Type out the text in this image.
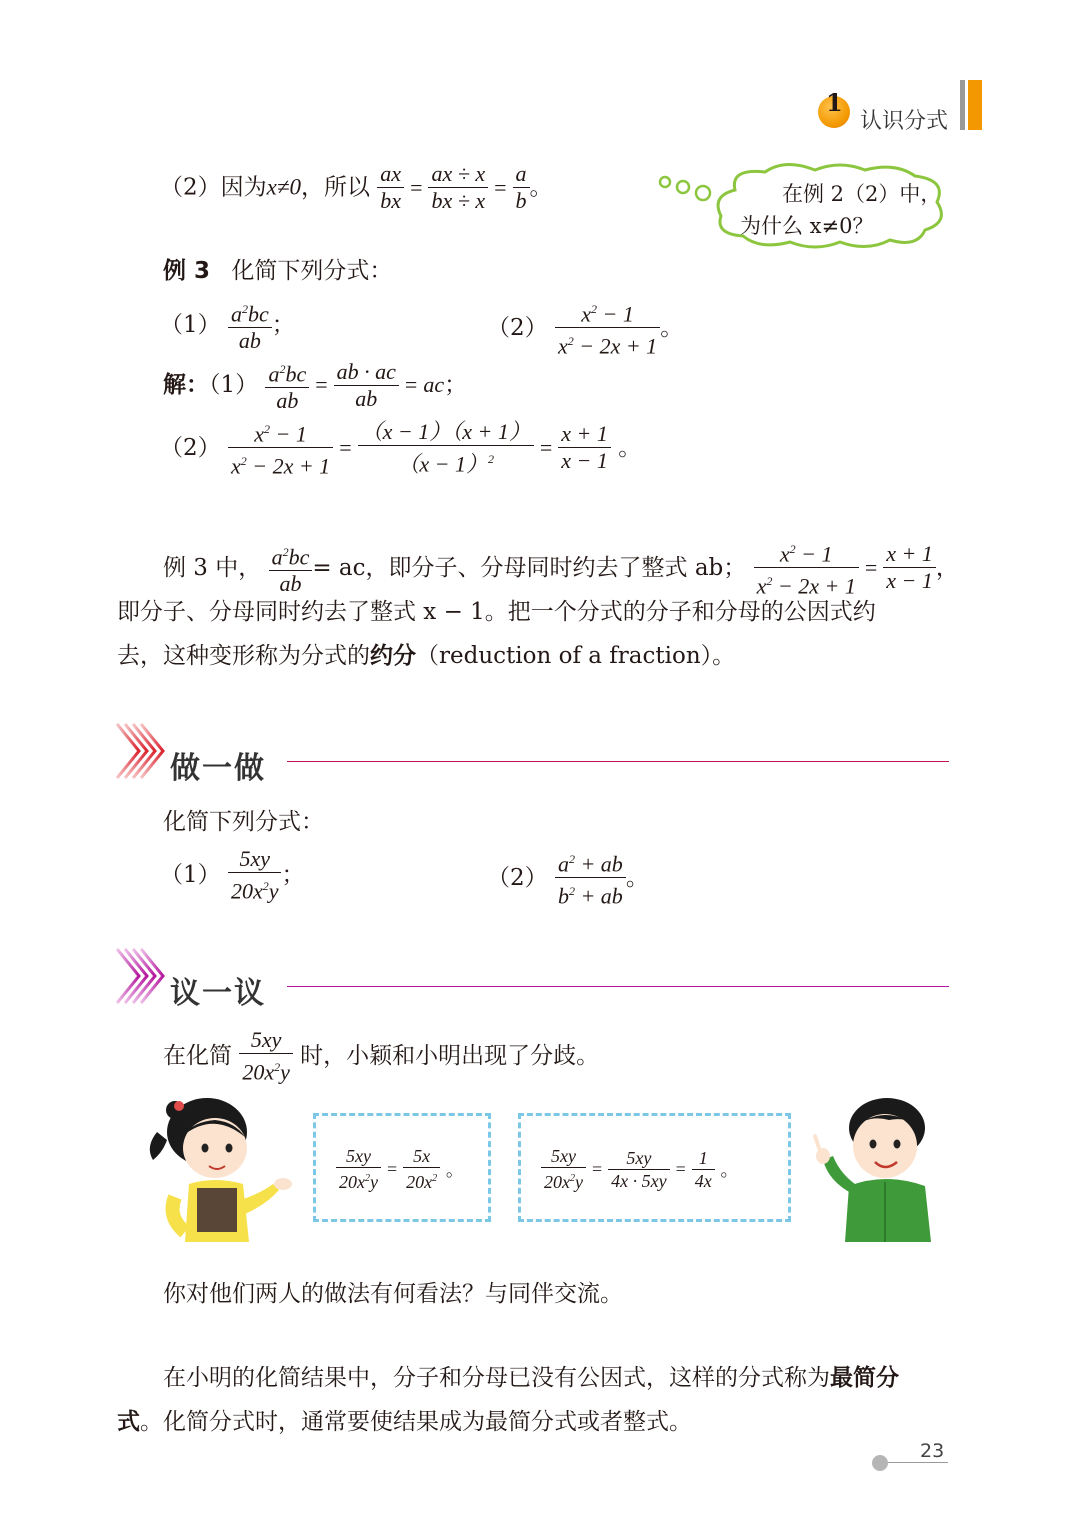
1
认识分式
（2）因为x≠0，所以 $\frac{ax}{bx} = \frac{ax \div x}{bx \div x} = \frac{a}{b}$ 。	在例 2（2）中，
为什么 x≠0？
例 3 化简下列分式：
$(1) \frac{a^2bc}{ab}$ ；	$(2) \frac{x^2 - 1}{x^2 - 2x + 1}$ 。
解：$(1) \frac{a^2bc}{ab} = \frac{ab \cdot ac}{ab}$ = ac；
$(2) \frac{x^2 - 1}{x^2 - 2x + 1} = \frac{(x - 1)(x + 1)}{(x - 1)^2} = \frac{x + 1}{x - 1}$ 。
例 3 中， $\frac{a^2bc}{ab}$ = ac，即分子、分母同时约去了整式 ab； $\frac{x^2 - 1}{x^2 - 2x + 1} = \frac{x + 1}{x - 1}$ ，
即分子、分母同时约去了整式 x − 1。把一个分式的分子和分母的公因式约
去，这种变形称为分式的约分（reduction of a fraction）。
做一做
化简下列分式：
$(1) \frac{5xy}{20x^2y}$ ；	$(2) \frac{a^2 + ab}{b^2 + ab}$ 。
议一议
在化简 $\frac{5xy}{20x^2y}$ 时，小颖和小明出现了分歧。
$\frac{5xy}{20x^2y} = \frac{5x}{20x^2}$ 。	$\frac{5xy}{20x^2y} = \frac{5xy}{4x \cdot 5xy} = \frac{1}{4x}$ 。
你对他们两人的做法有何看法？与同伴交流。
在小明的化简结果中，分子和分母已没有公因式，这样的分式称为最简分
式。化简分式时，通常要使结果成为最简分式或者整式。
23
